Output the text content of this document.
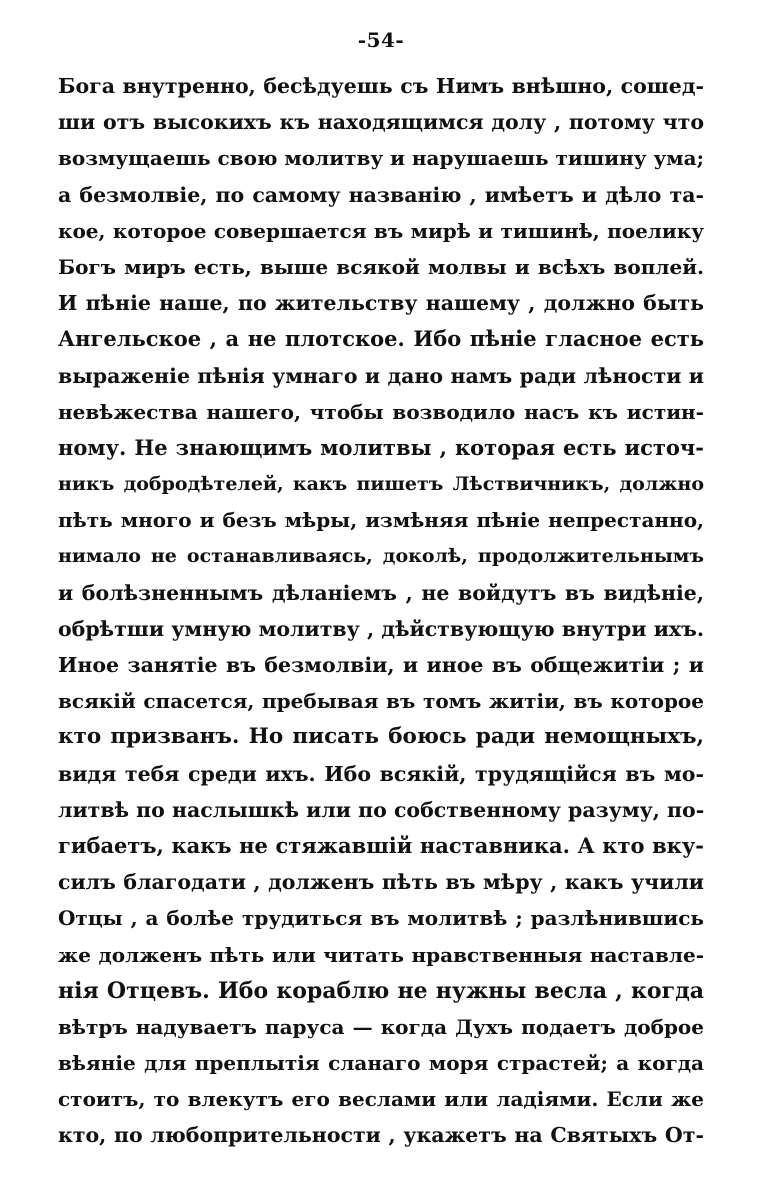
-54-
Бога внутренно, бесѣдуешь съ Нимъ внѣшно, сошед-
ши отъ высокихъ къ находящимся долу , потому что
возмущаешь свою молитву и нарушаешь тишину ума;
а безмолвіе, по самому названію , имѣетъ и дѣло та-
кое, которое совершается въ мирѣ и тишинѣ, поелику
Богъ миръ есть, выше всякой молвы и всѣхъ воплей.
И пѣніе наше, по жительству нашему , должно быть
Ангельское , а не плотское. Ибо пѣніе гласное есть
выраженіе пѣнія умнаго и дано намъ ради лѣности и
невѣжества нашего, чтобы возводило насъ къ истин-
ному. Не знающимъ молитвы , которая есть источ-
никъ добродѣтелей, какъ пишетъ Лѣствичникъ, должно
пѣть много и безъ мѣры, измѣняя пѣніе непрестанно,
нимало не останавливаясь, доколѣ, продолжительнымъ
и болѣзненнымъ дѣланіемъ , не войдутъ въ видѣніе,
обрѣтши умную молитву , дѣйствующую внутри ихъ.
Иное занятіе въ безмолвіи, и иное въ общежитіи ; и
всякій спасется, пребывая въ томъ житіи, въ которое
кто призванъ. Но писать боюсь ради немощныхъ,
видя тебя среди ихъ. Ибо всякій, трудящійся въ мо-
литвѣ по наслышкѣ или по собственному разуму, по-
гибаетъ, какъ не стяжавшій наставника. А кто вку-
силъ благодати , долженъ пѣть въ мѣру , какъ учили
Отцы , а болѣе трудиться въ молитвѣ ; разлѣнившись
же долженъ пѣть или читать нравственныя наставле-
нія Отцевъ. Ибо кораблю не нужны весла , когда
вѣтръ надуваетъ паруса — когда Духъ подаетъ доброе
вѣяніе для преплытія сланаго моря страстей; а когда
стоитъ, то влекутъ его веслами или ладіями. Если же
кто, по любопрительности , укажетъ на Святыхъ От-
